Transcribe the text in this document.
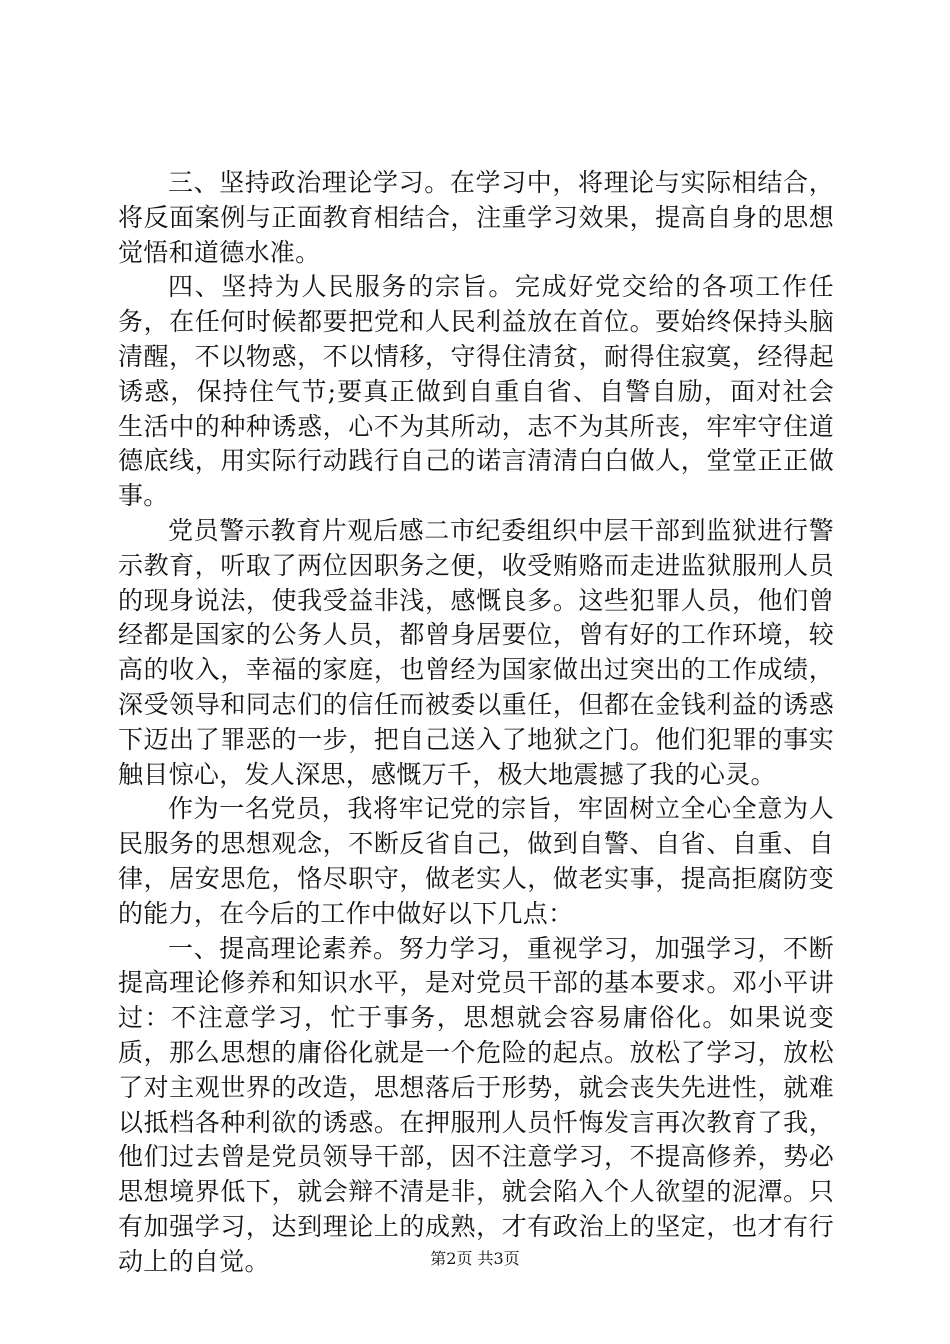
三、坚持政治理论学习。在学习中，将理论与实际相结合，将反面案例与正面教育相结合，注重学习效果，提高自身的思想觉悟和道德水准。

四、坚持为人民服务的宗旨。完成好党交给的各项工作任务，在任何时候都要把党和人民利益放在首位。要始终保持头脑清醒，不以物惑，不以情移，守得住清贫，耐得住寂寞，经得起诱惑，保持住气节;要真正做到自重自省、自警自励，面对社会生活中的种种诱惑，心不为其所动，志不为其所丧，牢牢守住道德底线，用实际行动践行自己的诺言清清白白做人，堂堂正正做事。

党员警示教育片观后感二市纪委组织中层干部到监狱进行警示教育，听取了两位因职务之便，收受贿赂而走进监狱服刑人员的现身说法，使我受益非浅，感慨良多。这些犯罪人员，他们曾经都是国家的公务人员，都曾身居要位，曾有好的工作环境，较高的收入，幸福的家庭，也曾经为国家做出过突出的工作成绩，深受领导和同志们的信任而被委以重任，但都在金钱利益的诱惑下迈出了罪恶的一步，把自己送入了地狱之门。他们犯罪的事实触目惊心，发人深思，感慨万千，极大地震撼了我的心灵。

作为一名党员，我将牢记党的宗旨，牢固树立全心全意为人民服务的思想观念，不断反省自己，做到自警、自省、自重、自律，居安思危，恪尽职守，做老实人，做老实事，提高拒腐防变的能力，在今后的工作中做好以下几点：

一、提高理论素养。努力学习，重视学习，加强学习，不断提高理论修养和知识水平，是对党员干部的基本要求。邓小平讲过：不注意学习，忙于事务，思想就会容易庸俗化。如果说变质，那么思想的庸俗化就是一个危险的起点。放松了学习，放松了对主观世界的改造，思想落后于形势，就会丧失先进性，就难以抵档各种利欲的诱惑。在押服刑人员忏悔发言再次教育了我，他们过去曾是党员领导干部，因不注意学习，不提高修养，势必思想境界低下，就会辩不清是非，就会陷入个人欲望的泥潭。只有加强学习，达到理论上的成熟，才有政治上的坚定，也才有行动上的自觉。	第2页 共3页
